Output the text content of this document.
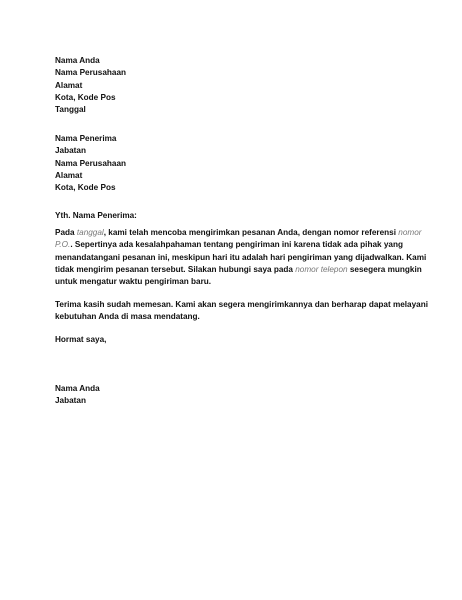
Nama Anda
Nama Perusahaan
Alamat
Kota, Kode Pos
Tanggal
Nama Penerima
Jabatan
Nama Perusahaan
Alamat
Kota, Kode Pos
Yth. Nama Penerima:
Pada tanggal, kami telah mencoba mengirimkan pesanan Anda, dengan nomor referensi nomor
P.O.. Sepertinya ada kesalahpahaman tentang pengiriman ini karena tidak ada pihak yang
menandatangani pesanan ini, meskipun hari itu adalah hari pengiriman yang dijadwalkan. Kami
tidak mengirim pesanan tersebut. Silakan hubungi saya pada nomor telepon sesegera mungkin
untuk mengatur waktu pengiriman baru.
Terima kasih sudah memesan. Kami akan segera mengirimkannya dan berharap dapat melayani
kebutuhan Anda di masa mendatang.
Hormat saya,
Nama Anda
Jabatan
